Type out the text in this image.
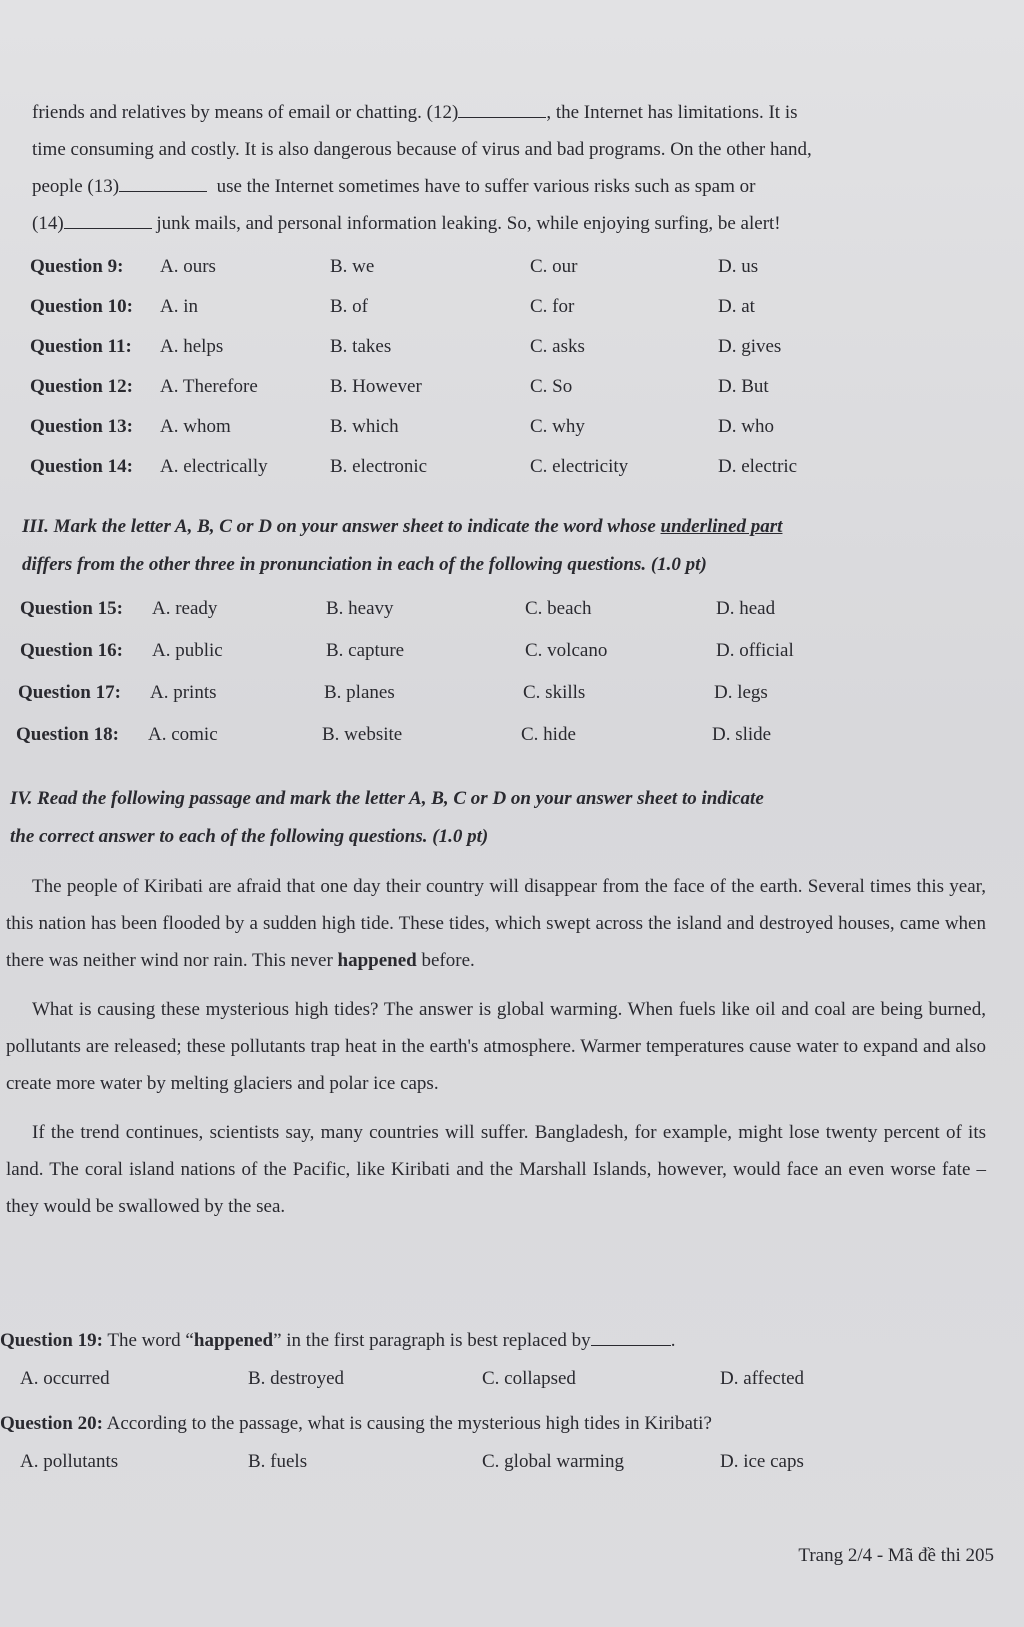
friends and relatives by means of email or chatting. (12)	, the Internet has limitations. It is

time consuming and costly. It is also dangerous because of virus and bad programs. On the other hand,

people (13)	use the Internet sometimes have to suffer various risks such as spam or

(14)	junk mails, and personal information leaking. So, while enjoying surfing, be alert!

Question 9: A. ours	B. we	C. our	D. us
Question 10: A. in	B. of	C. for	D. at
Question 11: A. helps	B. takes	C. asks	D. gives
Question 12: A. Therefore	B. However	C. So	D. But
Question 13: A. whom	B. which	C. why	D. who
Question 14: A. electrically	B. electronic	C. electricity	D. electric
III. Mark the letter A, B, C or D on your answer sheet to indicate the word whose underlined part
differs from the other three in pronunciation in each of the following questions. (1.0 pt)
Question 15: A. ready	B. heavy	C. beach	D. head
Question 16: A. public	B. capture	C. volcano	D. official
Question 17: A. prints	B. planes	C. skills	D. legs
Question 18: A. comic	B. website	C. hide	D. slide
IV. Read the following passage and mark the letter A, B, C or D on your answer sheet to indicate
the correct answer to each of the following questions. (1.0 pt)

The people of Kiribati are afraid that one day their country will disappear from the face of the earth. Several times this year, this nation has been flooded by a sudden high tide. These tides, which swept across the island and destroyed houses, came when there was neither wind nor rain. This never happened before.

What is causing these mysterious high tides? The answer is global warming. When fuels like oil and coal are being burned, pollutants are released; these pollutants trap heat in the earth's atmosphere. Warmer temperatures cause water to expand and also create more water by melting glaciers and polar ice caps.

If the trend continues, scientists say, many countries will suffer. Bangladesh, for example, might lose twenty percent of its land. The coral island nations of the Pacific, like Kiribati and the Marshall Islands, however, would face an even worse fate – they would be swallowed by the sea.

Question 19: The word “happened” in the first paragraph is best replaced by	.
A. occurred	B. destroyed	C. collapsed	D. affected
Question 20: According to the passage, what is causing the mysterious high tides in Kiribati?
A. pollutants	B. fuels	C. global warming	D. ice caps
Trang 2/4 - Mã đề thi 205
